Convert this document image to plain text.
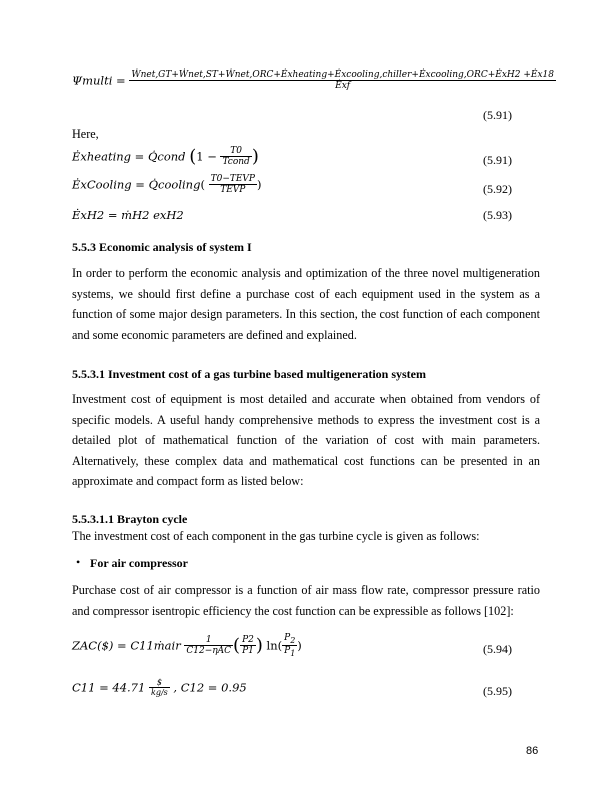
Ψmulti = Ẇnet,GT+Ẇnet,ST+Ẇnet,ORC+Ėxheating+Ėxcooling,chiller+Ėxcooling,ORC+ĖxH2 +Ėx18
Ėxf
(5.91)
Here,
Ėxheating = Q̇cond ($1 - \frac{T0}{\text{Tcond}}$ )	(5.91)
ĖxCooling = Q̇cooling( $\frac{\text{T0−TEVP}}{\text{TEVP}}$ )	(5.92)
ĖxH2 = ṁH2 exH2	(5.93)
5.5.3 Economic analysis of system I
In order to perform the economic analysis and optimization of the three novel multigeneration systems, we should first define a purchase cost of each equipment used in the system as a function of some major design parameters. In this section, the cost function of each component and some economic parameters are defined and explained.
5.5.3.1 Investment cost of a gas turbine based multigeneration system
Investment cost of equipment is most detailed and accurate when obtained from vendors of specific models. A useful handy comprehensive methods to express the investment cost is a detailed plot of mathematical function of the variation of cost with main parameters. Alternatively, these complex data and mathematical cost functions can be presented in an approximate and compact form as listed below:
5.5.3.1.1 Brayton cycle
The investment cost of each component in the gas turbine cycle is given as follows:
• For air compressor
Purchase cost of air compressor is a function of air mass flow rate, compressor pressure ratio and compressor isentropic efficiency the cost function can be expressible as follows [102]:
ZAC($) = C11ṁair $\frac{1}{\text{C12−ηAC}}$ ( $\frac{P2}{P1}$ ) $\ln( \frac{P_2}{P_1}$ )	(5.94)
$C11 = 44.71 \frac{\$}{kg/s}$ , C12 = 0.95	(5.95)
86
